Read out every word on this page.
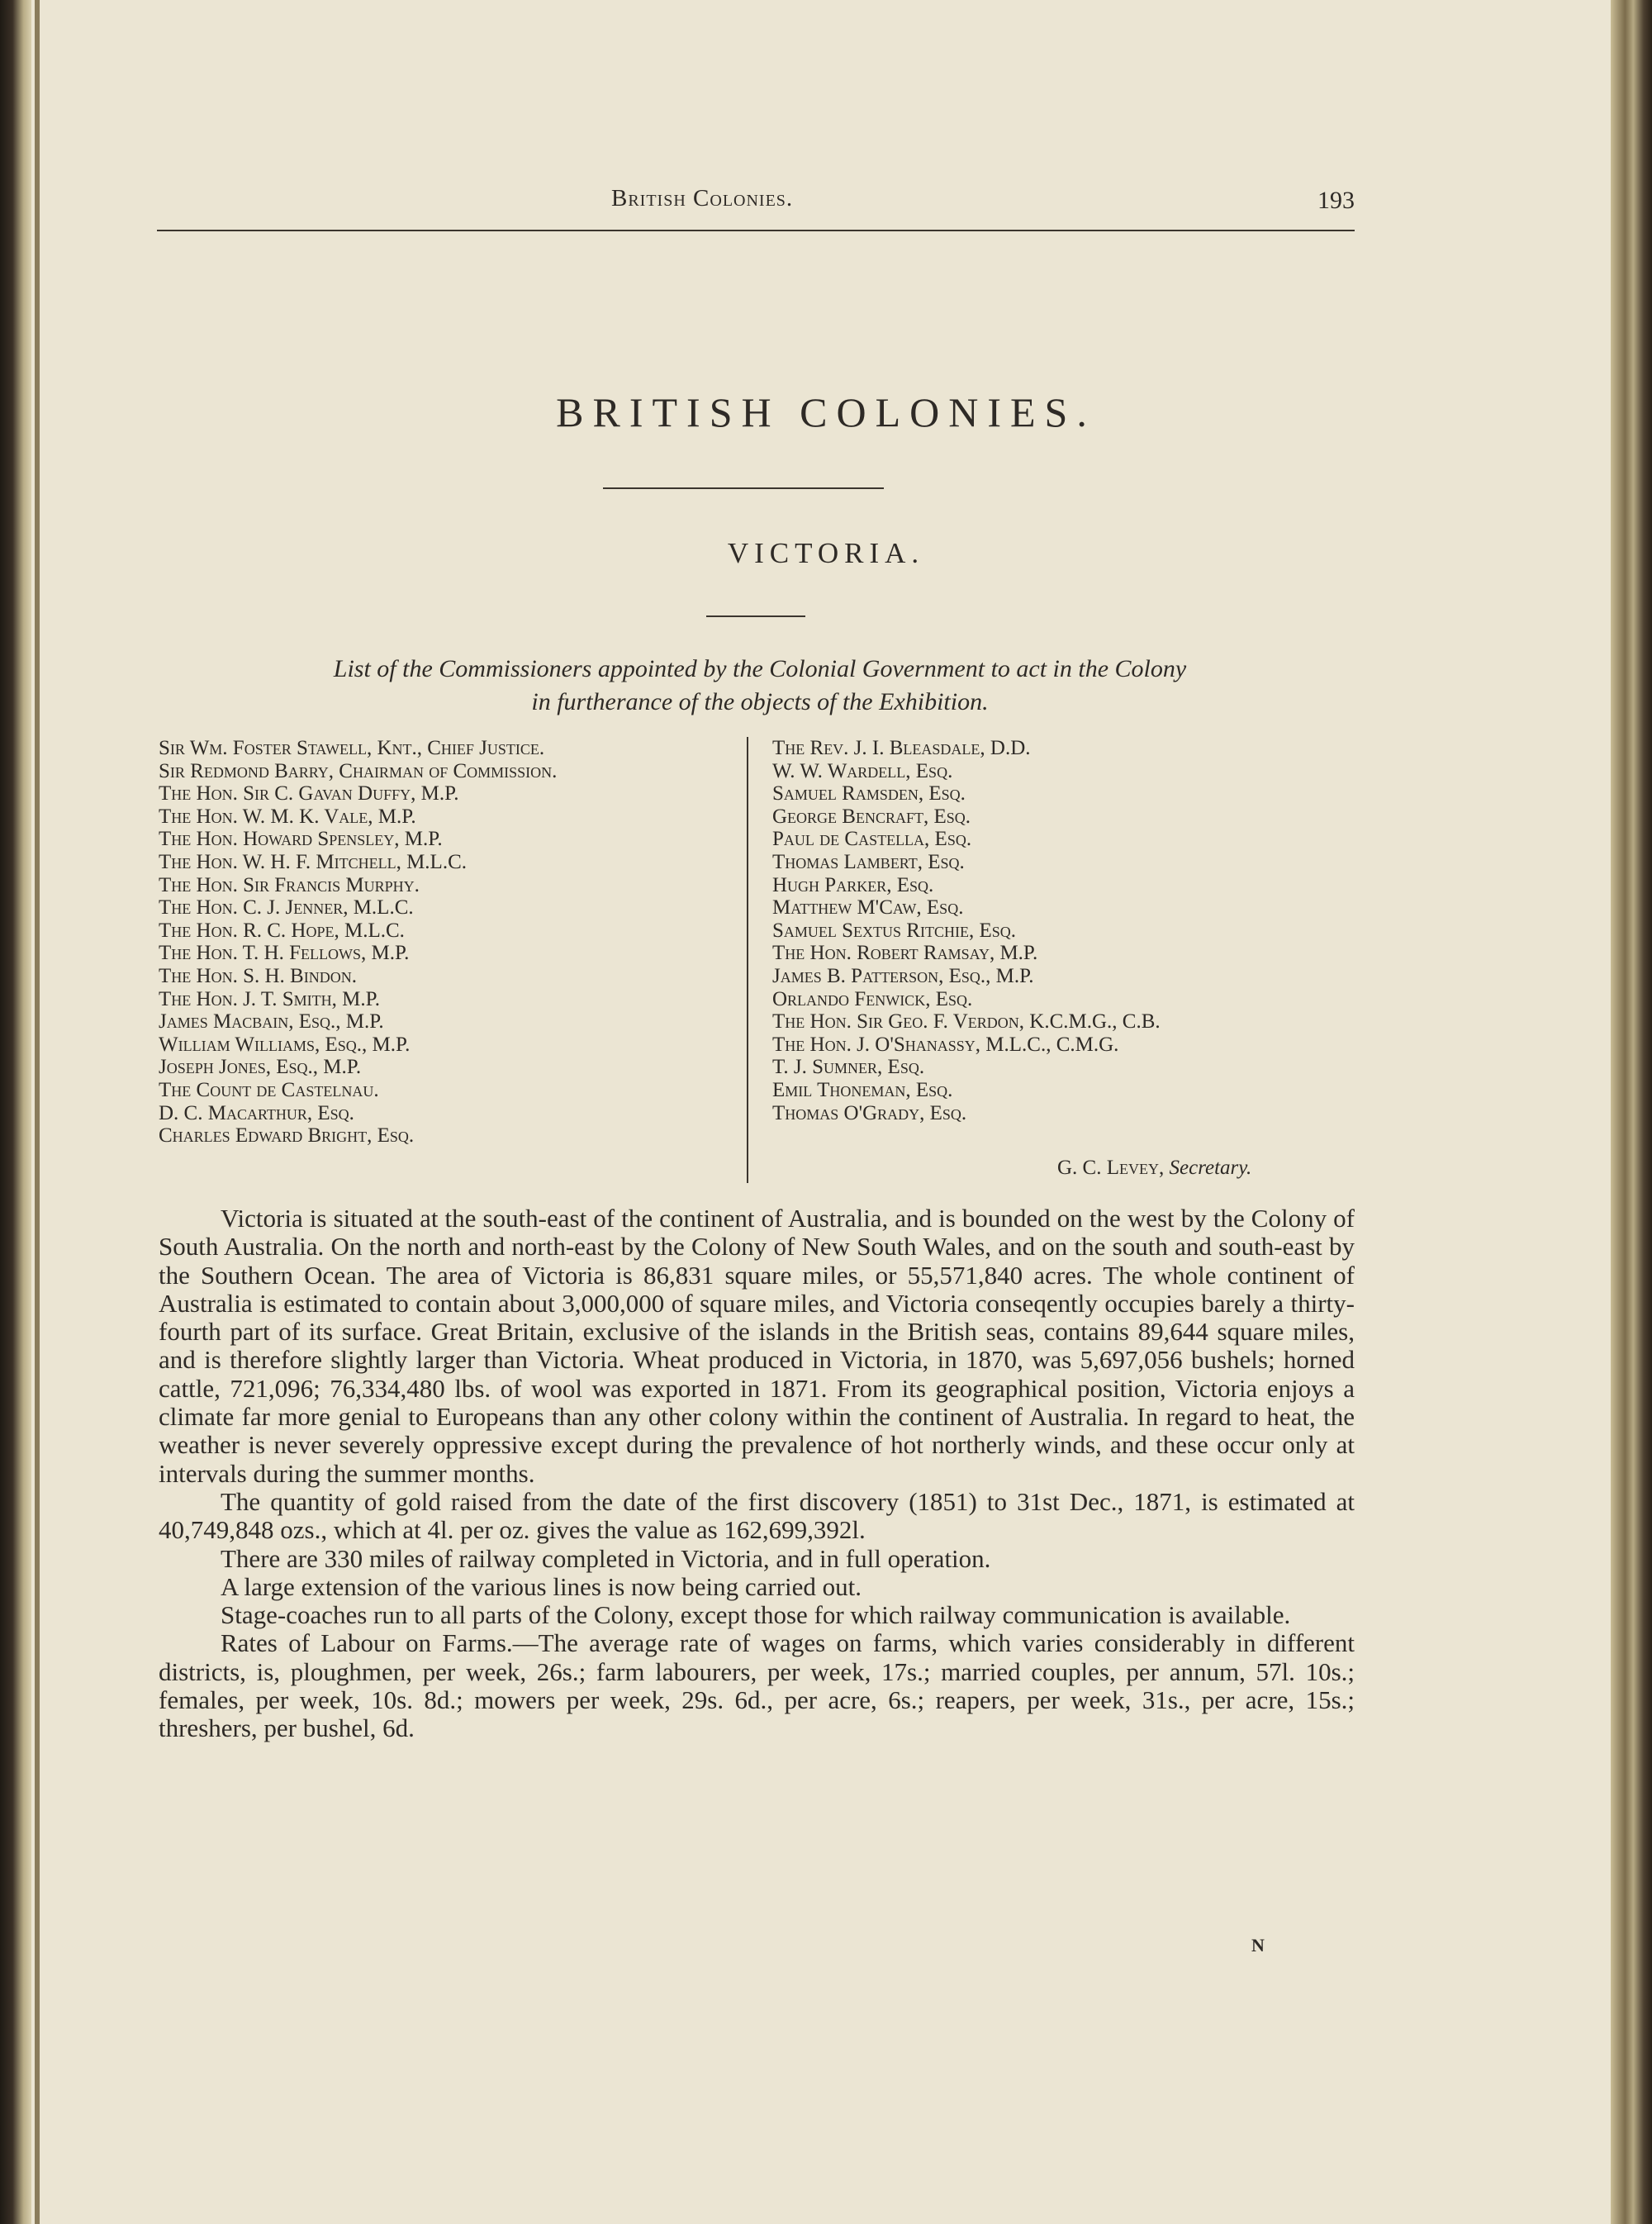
British Colonies.	193
BRITISH COLONIES.
VICTORIA.
List of the Commissioners appointed by the Colonial Government to act in the Colony
in furtherance of the objects of the Exhibition.
Sir Wm. Foster Stawell, Knt., Chief Justice.
Sir Redmond Barry, Chairman of Commission.
The Hon. Sir C. Gavan Duffy, M.P.
The Hon. W. M. K. Vale, M.P.
The Hon. Howard Spensley, M.P.
The Hon. W. H. F. Mitchell, M.L.C.
The Hon. Sir Francis Murphy.
The Hon. C. J. Jenner, M.L.C.
The Hon. R. C. Hope, M.L.C.
The Hon. T. H. Fellows, M.P.
The Hon. S. H. Bindon.
The Hon. J. T. Smith, M.P.
James Macbain, Esq., M.P.
William Williams, Esq., M.P.
Joseph Jones, Esq., M.P.
The Count de Castelnau.
D. C. Macarthur, Esq.
Charles Edward Bright, Esq.
The Rev. J. I. Bleasdale, D.D.
W. W. Wardell, Esq.
Samuel Ramsden, Esq.
George Bencraft, Esq.
Paul de Castella, Esq.
Thomas Lambert, Esq.
Hugh Parker, Esq.
Matthew M'Caw, Esq.
Samuel Sextus Ritchie, Esq.
The Hon. Robert Ramsay, M.P.
James B. Patterson, Esq., M.P.
Orlando Fenwick, Esq.
The Hon. Sir Geo. F. Verdon, K.C.M.G., C.B.
The Hon. J. O'Shanassy, M.L.C., C.M.G.
T. J. Sumner, Esq.
Emil Thoneman, Esq.
Thomas O'Grady, Esq.
G. C. Levey, Secretary.

Victoria is situated at the south-east of the continent of Australia, and is bounded on the west by the Colony of South Australia. On the north and north-east by the Colony of New South Wales, and on the south and south-east by the Southern Ocean. The area of Victoria is 86,831 square miles, or 55,571,840 acres. The whole continent of Australia is estimated to contain about 3,000,000 of square miles, and Victoria conseqently occupies barely a thirty-fourth part of its surface. Great Britain, exclusive of the islands in the British seas, contains 89,644 square miles, and is therefore slightly larger than Victoria. Wheat produced in Victoria, in 1870, was 5,697,056 bushels; horned cattle, 721,096; 76,334,480 lbs. of wool was exported in 1871. From its geographical position, Victoria enjoys a climate far more genial to Europeans than any other colony within the continent of Australia. In regard to heat, the weather is never severely oppressive except during the prevalence of hot northerly winds, and these occur only at intervals during the summer months.

The quantity of gold raised from the date of the first discovery (1851) to 31st Dec., 1871, is estimated at 40,749,848 ozs., which at 4l. per oz. gives the value as 162,699,392l.

There are 330 miles of railway completed in Victoria, and in full operation.

A large extension of the various lines is now being carried out.

Stage-coaches run to all parts of the Colony, except those for which railway communication is available.

Rates of Labour on Farms.—The average rate of wages on farms, which varies considerably in different districts, is, ploughmen, per week, 26s.; farm labourers, per week, 17s.; married couples, per annum, 57l. 10s.; females, per week, 10s. 8d.; mowers per week, 29s. 6d., per acre, 6s.; reapers, per week, 31s., per acre, 15s.; threshers, per bushel, 6d.

N
